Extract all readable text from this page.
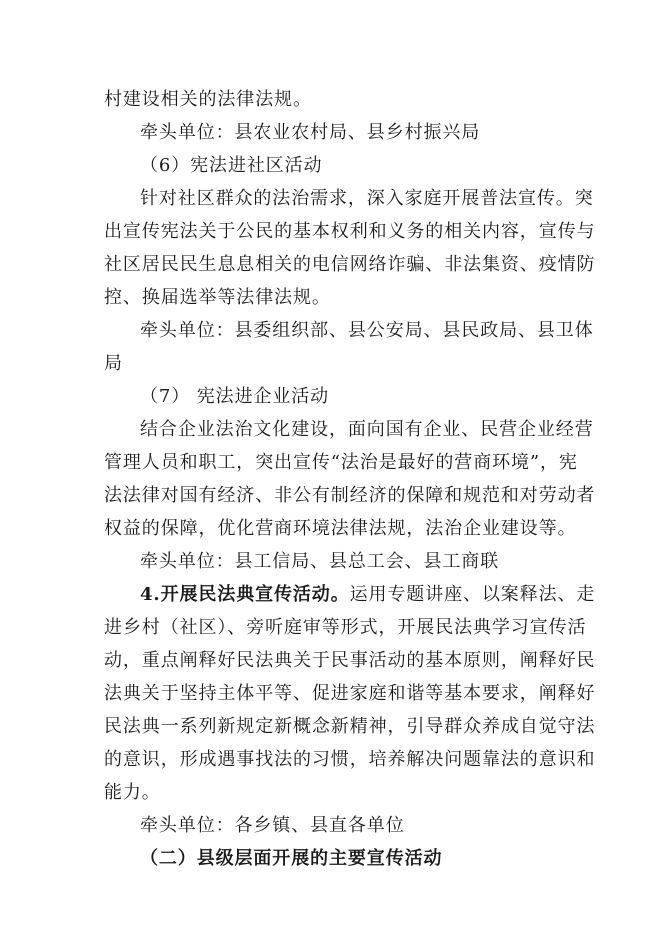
村建设相关的法律法规。
牵头单位：县农业农村局、县乡村振兴局
（6）宪法进社区活动
针对社区群众的法治需求，深入家庭开展普法宣传。突
出宣传宪法关于公民的基本权利和义务的相关内容，宣传与
社区居民民生息息相关的电信网络诈骗、非法集资、疫情防
控、换届选举等法律法规。
牵头单位：县委组织部、县公安局、县民政局、县卫体
局
（7） 宪法进企业活动
结合企业法治文化建设，面向国有企业、民营企业经营
管理人员和职工，突出宣传“法治是最好的营商环境”，宪
法法律对国有经济、非公有制经济的保障和规范和对劳动者
权益的保障，优化营商环境法律法规，法治企业建设等。
牵头单位：县工信局、县总工会、县工商联
4.开展民法典宣传活动。运用专题讲座、以案释法、走
进乡村（社区）、旁听庭审等形式，开展民法典学习宣传活
动，重点阐释好民法典关于民事活动的基本原则，阐释好民
法典关于坚持主体平等、促进家庭和谐等基本要求，阐释好
民法典一系列新规定新概念新精神，引导群众养成自觉守法
的意识，形成遇事找法的习惯，培养解决问题靠法的意识和
能力。
牵头单位：各乡镇、县直各单位
（二）县级层面开展的主要宣传活动
